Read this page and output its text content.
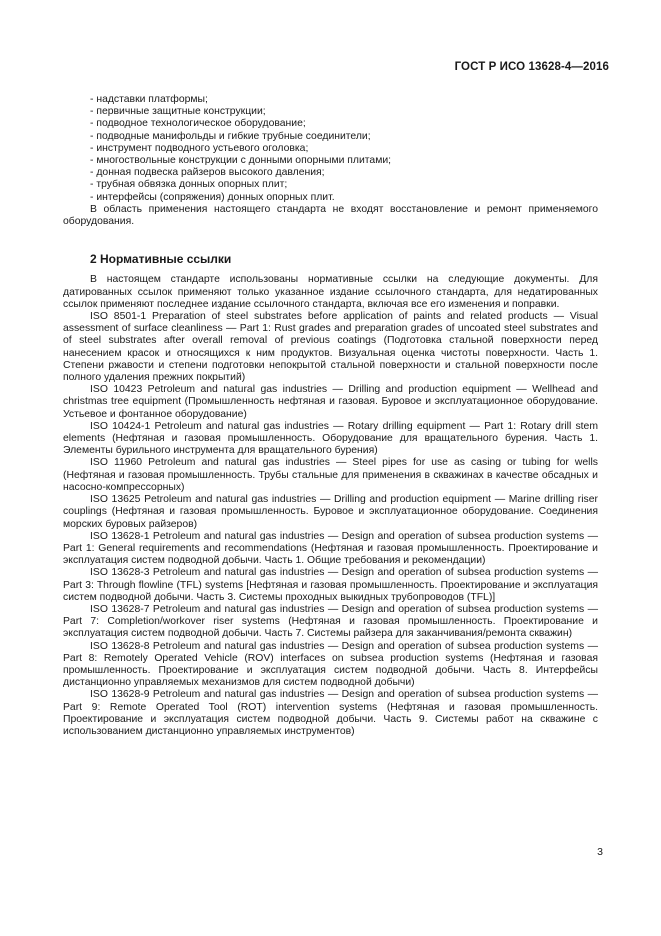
ГОСТ Р ИСО 13628-4—2016
- надставки платформы;
- первичные защитные конструкции;
- подводное технологическое оборудование;
- подводные манифольды и гибкие трубные соединители;
- инструмент подводного устьевого оголовка;
- многоствольные конструкции с донными опорными плитами;
- донная подвеска райзеров высокого давления;
- трубная обвязка донных опорных плит;
- интерфейсы (сопряжения) донных опорных плит.
В область применения настоящего стандарта не входят восстановление и ремонт применяемого оборудования.
2 Нормативные ссылки
В настоящем стандарте использованы нормативные ссылки на следующие документы. Для датированных ссылок применяют только указанное издание ссылочного стандарта, для недатированных ссылок применяют последнее издание ссылочного стандарта, включая все его изменения и поправки.
ISO 8501-1 Preparation of steel substrates before application of paints and related products — Visual assessment of surface cleanliness — Part 1: Rust grades and preparation grades of uncoated steel substrates and of steel substrates after overall removal of previous coatings (Подготовка стальной поверхности перед нанесением красок и относящихся к ним продуктов. Визуальная оценка чистоты поверхности. Часть 1. Степени ржавости и степени подготовки непокрытой стальной поверхности и стальной поверхности после полного удаления прежних покрытий)
ISO 10423 Petroleum and natural gas industries — Drilling and production equipment — Wellhead and christmas tree equipment (Промышленность нефтяная и газовая. Буровое и эксплуатационное оборудование. Устьевое и фонтанное оборудование)
ISO 10424-1 Petroleum and natural gas industries — Rotary drilling equipment — Part 1: Rotary drill stem elements (Нефтяная и газовая промышленность. Оборудование для вращательного бурения. Часть 1. Элементы бурильного инструмента для вращательного бурения)
ISO 11960 Petroleum and natural gas industries — Steel pipes for use as casing or tubing for wells (Нефтяная и газовая промышленность. Трубы стальные для применения в скважинах в качестве обсадных и насосно-компрессорных)
ISO 13625 Petroleum and natural gas industries — Drilling and production equipment — Marine drilling riser couplings (Нефтяная и газовая промышленность. Буровое и эксплуатационное оборудование. Соединения морских буровых райзеров)
ISO 13628-1 Petroleum and natural gas industries — Design and operation of subsea production systems — Part 1: General requirements and recommendations (Нефтяная и газовая промышленность. Проектирование и эксплуатация систем подводной добычи. Часть 1. Общие требования и рекомендации)
ISO 13628-3 Petroleum and natural gas industries — Design and operation of subsea production systems — Part 3: Through flowline (TFL) systems [Нефтяная и газовая промышленность. Проектирование и эксплуатация систем подводной добычи. Часть 3. Системы проходных выкидных трубопроводов (TFL)]
ISO 13628-7 Petroleum and natural gas industries — Design and operation of subsea production systems — Part 7: Completion/workover riser systems (Нефтяная и газовая промышленность. Проектирование и эксплуатация систем подводной добычи. Часть 7. Системы райзера для заканчивания/ремонта скважин)
ISO 13628-8 Petroleum and natural gas industries — Design and operation of subsea production systems — Part 8: Remotely Operated Vehicle (ROV) interfaces on subsea production systems (Нефтяная и газовая промышленность. Проектирование и эксплуатация систем подводной добычи. Часть 8. Интерфейсы дистанционно управляемых механизмов для систем подводной добычи)
ISO 13628-9 Petroleum and natural gas industries — Design and operation of subsea production systems — Part 9: Remote Operated Tool (ROT) intervention systems (Нефтяная и газовая промышленность. Проектирование и эксплуатация систем подводной добычи. Часть 9. Системы работ на скважине с использованием дистанционно управляемых инструментов)
3
